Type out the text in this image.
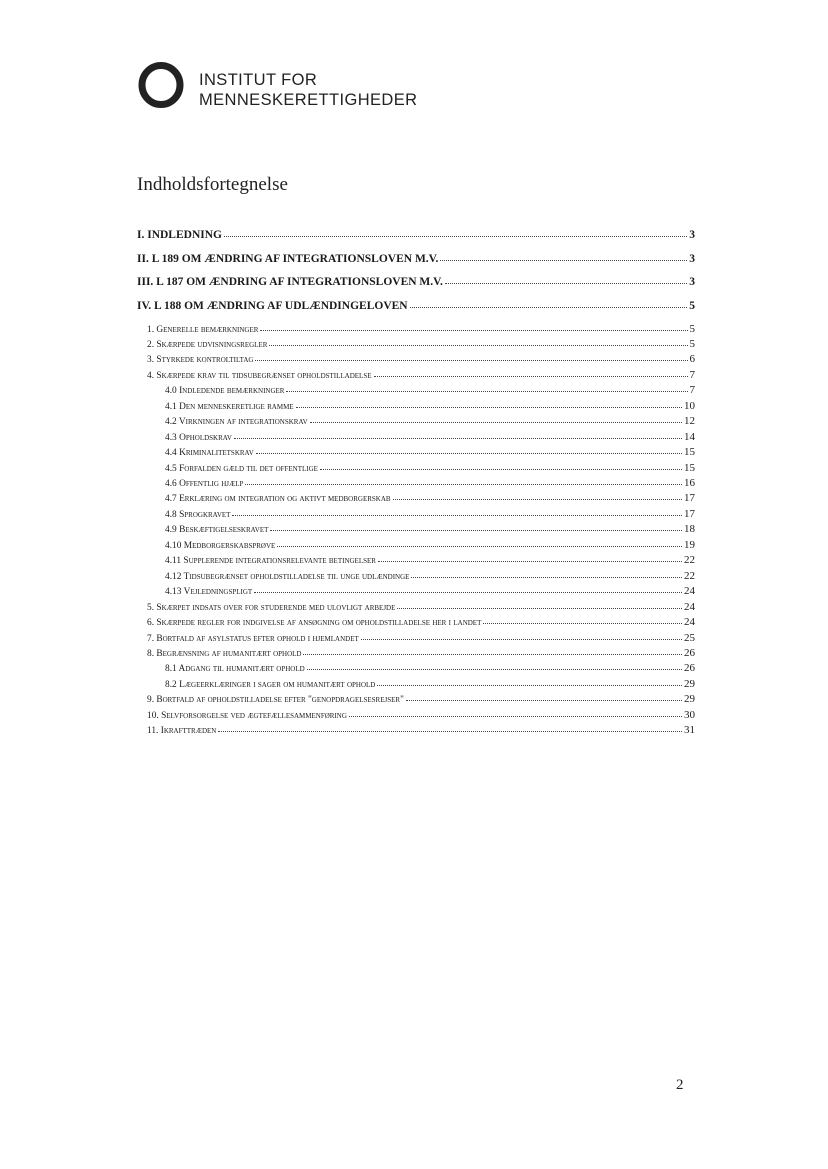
INSTITUT FOR
MENNESKERETTIGHEDER
Indholdsfortegnelse
I. INDLEDNING	3
II. L 189 OM ÆNDRING AF INTEGRATIONSLOVEN M.V.	3
III. L 187 OM ÆNDRING AF INTEGRATIONSLOVEN M.V.	3
IV. L 188 OM ÆNDRING AF UDLÆNDINGELOVEN	5
1. Generelle bemærkninger	5
2. Skærpede udvisningsregler	5
3. Styrkede kontroltiltag	6
4. Skærpede krav til tidsubegrænset opholdstilladelse	7
4.0 Indledende bemærkninger	7
4.1 Den menneskeretlige ramme	10
4.2 Virkningen af integrationskrav	12
4.3 Opholdskrav	14
4.4 Kriminalitetskrav	15
4.5 Forfalden gæld til det offentlige	15
4.6 Offentlig hjælp	16
4.7 Erklæring om integration og aktivt medborgerskab	17
4.8 Sprogkravet	17
4.9 Beskæftigelseskravet	18
4.10 Medborgerskabsprøve	19
4.11 Supplerende integrationsrelevante betingelser	22
4.12 Tidsubegrænset opholdstilladelse til unge udlændinge	22
4.13 Vejledningspligt	24
5. Skærpet indsats over for studerende med ulovligt arbejde	24
6. Skærpede regler for indgivelse af ansøgning om opholdstilladelse her i landet	24
7. Bortfald af asylstatus efter ophold i hjemlandet	25
8. Begrænsning af humanitært ophold	26
8.1 Adgang til humanitært ophold	26
8.2 Lægeerklæringer i sager om humanitært ophold	29
9. Bortfald af opholdstilladelse efter "genopdragelsesrejser"	29
10. Selvforsorgelse ved ægtefællesammenføring	30
11. Ikrafttræden	31
2
